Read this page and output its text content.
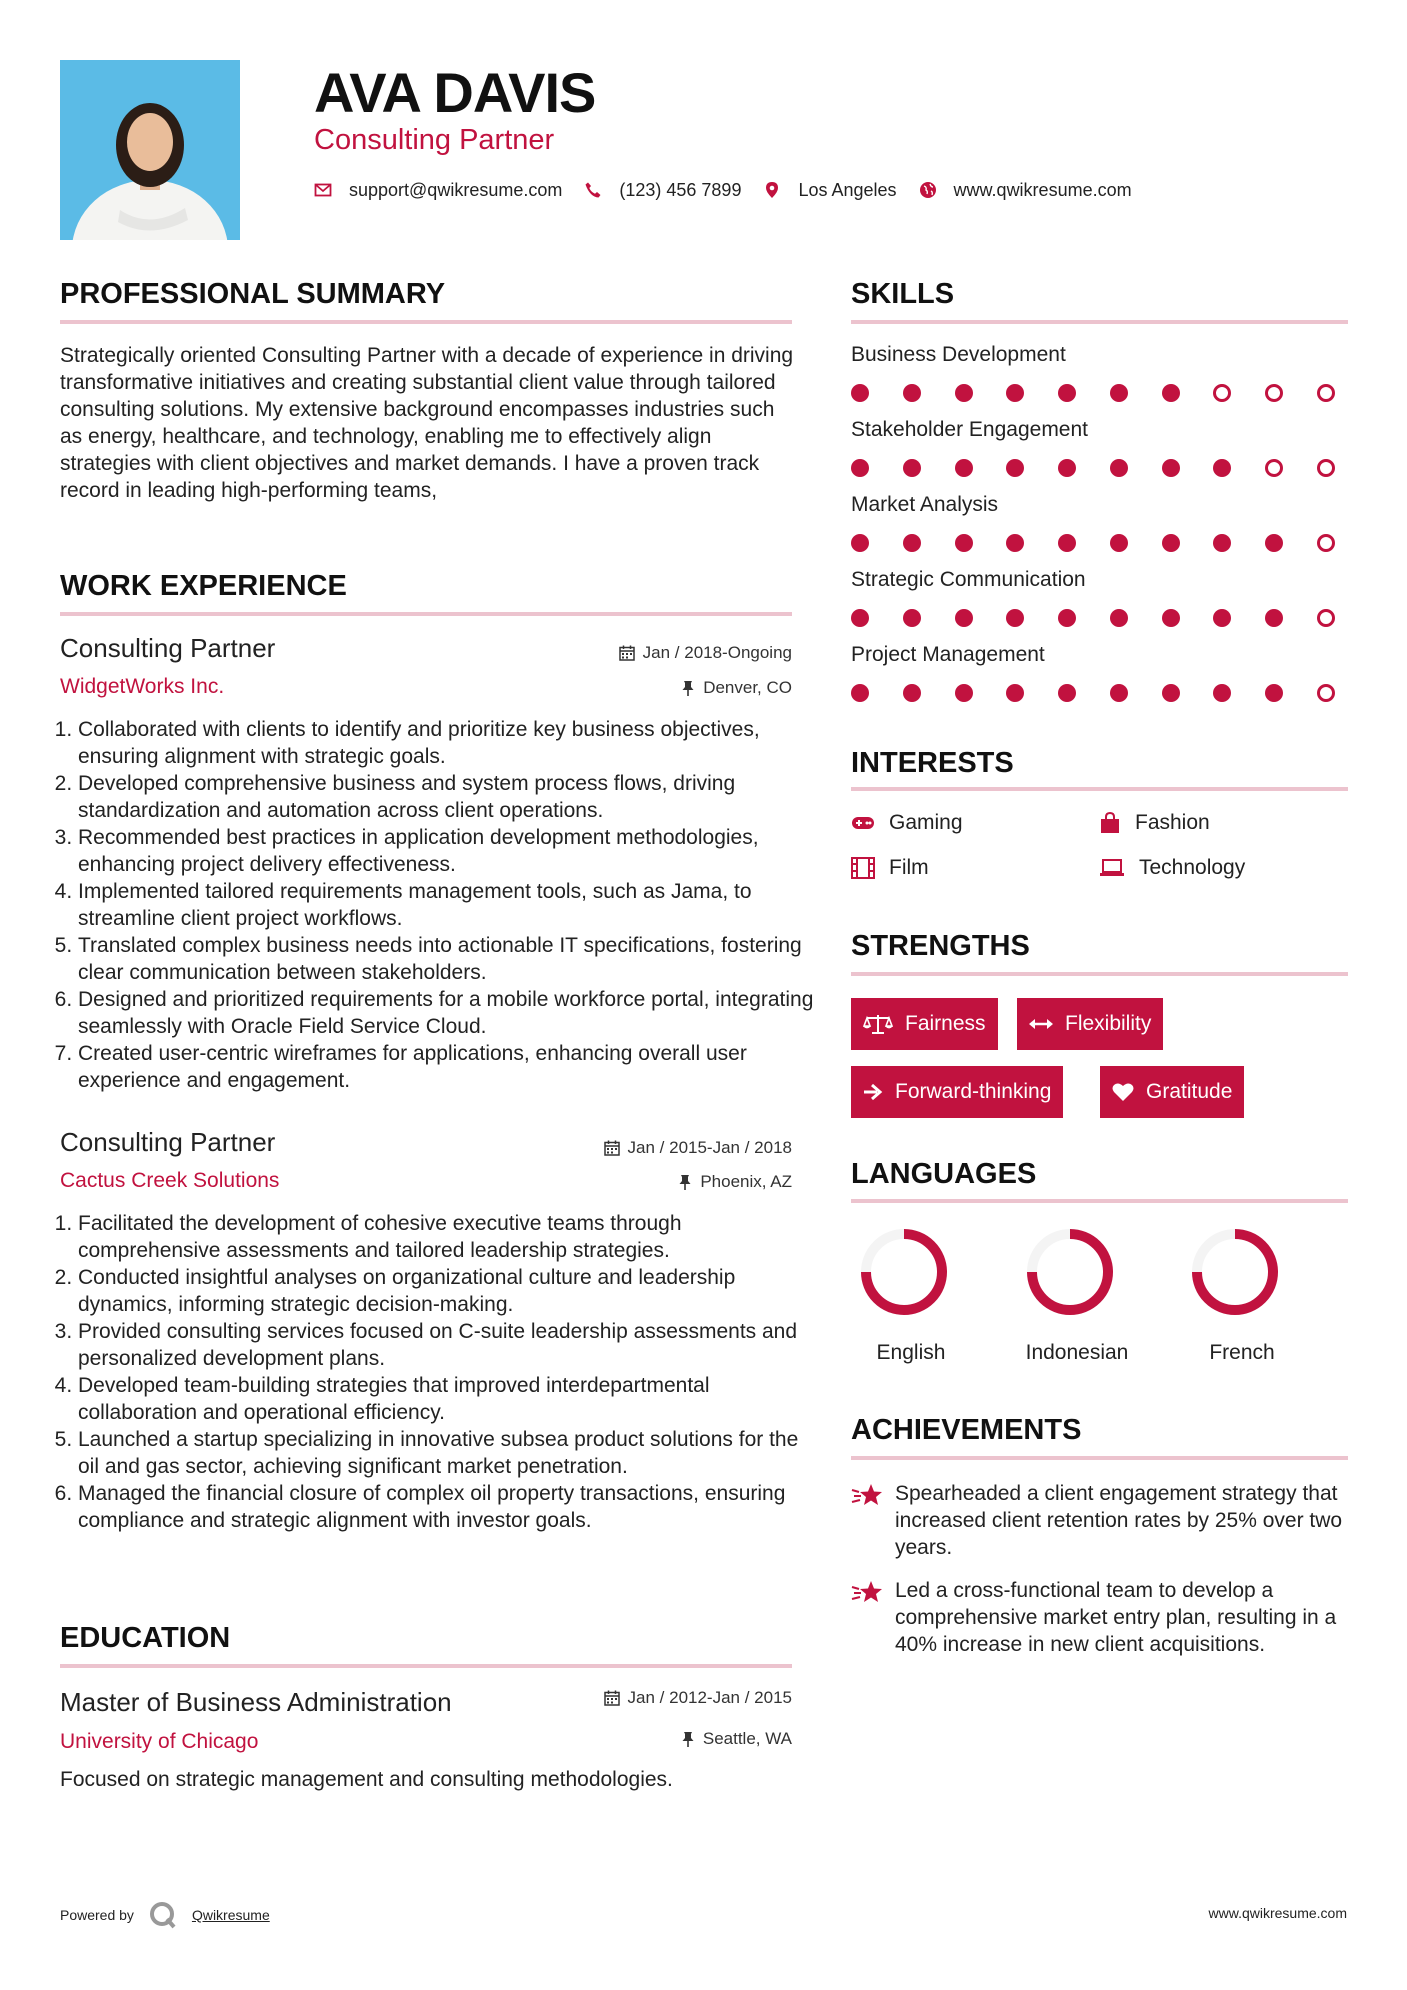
AVA DAVIS
Consulting Partner
support@qwikresume.com	(123) 456 7899	Los Angeles	www.qwikresume.com
PROFESSIONAL SUMMARY
Strategically oriented Consulting Partner with a decade of experience in driving transformative initiatives and creating substantial client value through tailored consulting solutions. My extensive background encompasses industries such as energy, healthcare, and technology, enabling me to effectively align strategies with client objectives and market demands. I have a proven track record in leading high-performing teams,
WORK EXPERIENCE
Consulting Partner
WidgetWorks Inc.
Jan / 2018-Ongoing
Denver, CO
1. Collaborated with clients to identify and prioritize key business objectives, ensuring alignment with strategic goals.
2. Developed comprehensive business and system process flows, driving standardization and automation across client operations.
3. Recommended best practices in application development methodologies, enhancing project delivery effectiveness.
4. Implemented tailored requirements management tools, such as Jama, to streamline client project workflows.
5. Translated complex business needs into actionable IT specifications, fostering clear communication between stakeholders.
6. Designed and prioritized requirements for a mobile workforce portal, integrating seamlessly with Oracle Field Service Cloud.
7. Created user-centric wireframes for applications, enhancing overall user experience and engagement.
Consulting Partner
Cactus Creek Solutions
Jan / 2015-Jan / 2018
Phoenix, AZ
1. Facilitated the development of cohesive executive teams through comprehensive assessments and tailored leadership strategies.
2. Conducted insightful analyses on organizational culture and leadership dynamics, informing strategic decision-making.
3. Provided consulting services focused on C-suite leadership assessments and personalized development plans.
4. Developed team-building strategies that improved interdepartmental collaboration and operational efficiency.
5. Launched a startup specializing in innovative subsea product solutions for the oil and gas sector, achieving significant market penetration.
6. Managed the financial closure of complex oil property transactions, ensuring compliance and strategic alignment with investor goals.
EDUCATION
Master of Business Administration
University of Chicago
Jan / 2012-Jan / 2015
Seattle, WA
Focused on strategic management and consulting methodologies.
SKILLS
Business Development
Stakeholder Engagement
Market Analysis
Strategic Communication
Project Management
INTERESTS
Gaming	Fashion
Film	Technology
STRENGTHS
Fairness	Flexibility
Forward-thinking	Gratitude
LANGUAGES
English	Indonesian	French
ACHIEVEMENTS
Spearheaded a client engagement strategy that increased client retention rates by 25% over two years.
Led a cross-functional team to develop a comprehensive market entry plan, resulting in a 40% increase in new client acquisitions.
Powered by	Qwikresume	www.qwikresume.com
